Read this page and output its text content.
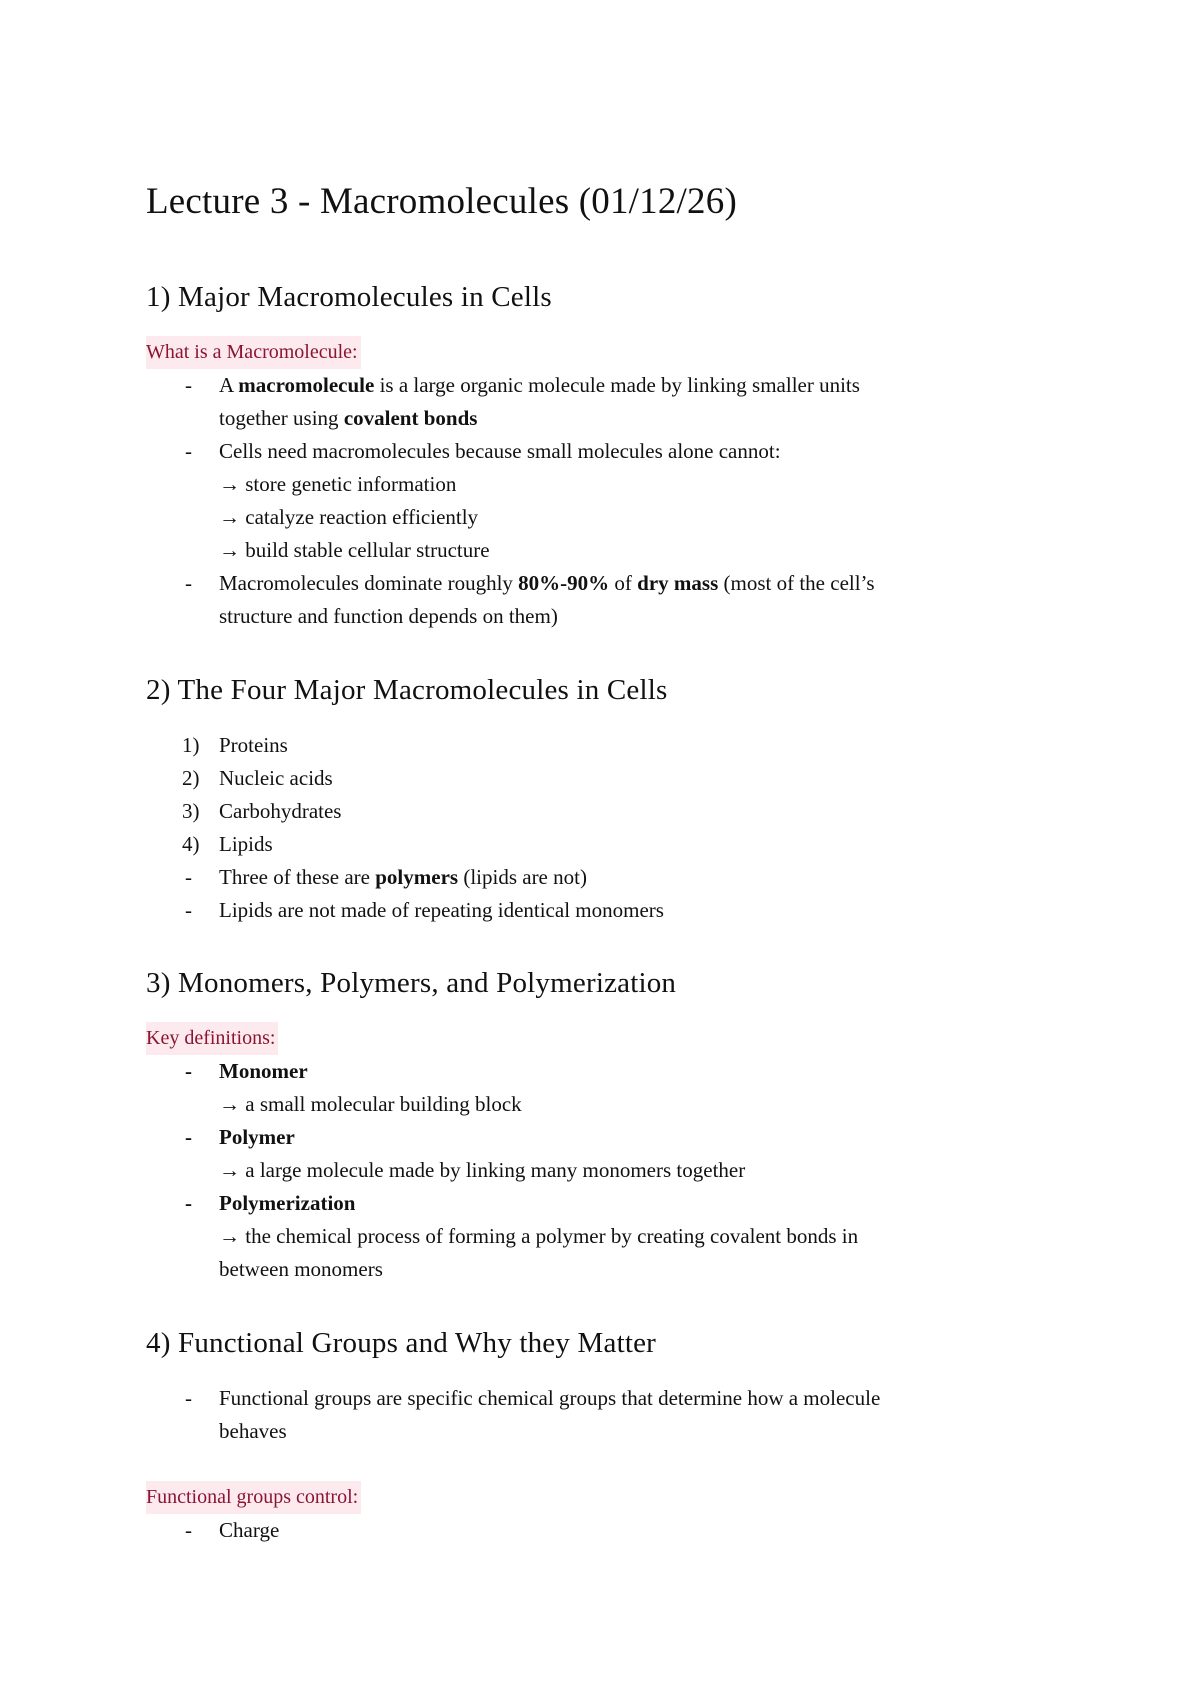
Lecture 3 - Macromolecules (01/12/26)
1) Major Macromolecules in Cells
What is a Macromolecule:
-	A macromolecule is a large organic molecule made by linking smaller units
together using covalent bonds
-	Cells need macromolecules because small molecules alone cannot:
→ store genetic information
→ catalyze reaction efficiently
→ build stable cellular structure
-	Macromolecules dominate roughly 80%-90% of dry mass (most of the cell’s
structure and function depends on them)
2) The Four Major Macromolecules in Cells
1) Proteins
2) Nucleic acids
3) Carbohydrates
4) Lipids
-	Three of these are polymers (lipids are not)
-	Lipids are not made of repeating identical monomers
3) Monomers, Polymers, and Polymerization
Key definitions:
-	Monomer
→ a small molecular building block
-	Polymer
→ a large molecule made by linking many monomers together
-	Polymerization
→ the chemical process of forming a polymer by creating covalent bonds in
between monomers
4) Functional Groups and Why they Matter
-	Functional groups are specific chemical groups that determine how a molecule
behaves
Functional groups control:
-	Charge
